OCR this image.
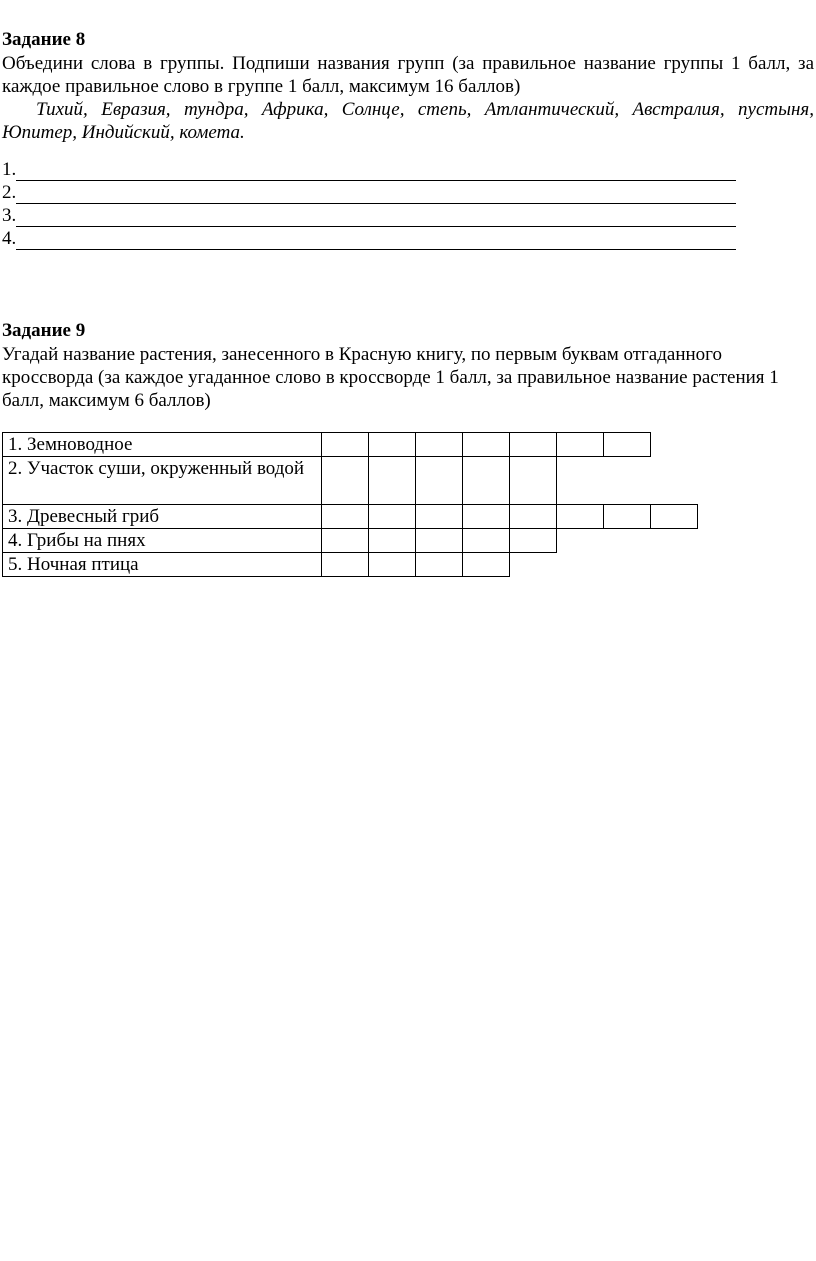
Задание 8
Объедини слова в группы. Подпиши названия групп (за правильное название группы 1 балл, за каждое правильное слово в группе 1 балл, максимум 16 баллов)
Тихий, Евразия, тундра, Африка, Солнце, степь, Атлантический, Австралия, пустыня, Юпитер, Индийский, комета.
1.
2.
3.
4.
Задание 9
Угадай название растения, занесенного в Красную книгу, по первым буквам отгаданного кроссворда (за каждое угаданное слово в кроссворде 1 балл, за правильное название растения 1 балл, максимум 6 баллов)
1. Земноводное
2. Участок суши, окруженный водой
3. Древесный гриб
4. Грибы на пнях
5. Ночная птица
